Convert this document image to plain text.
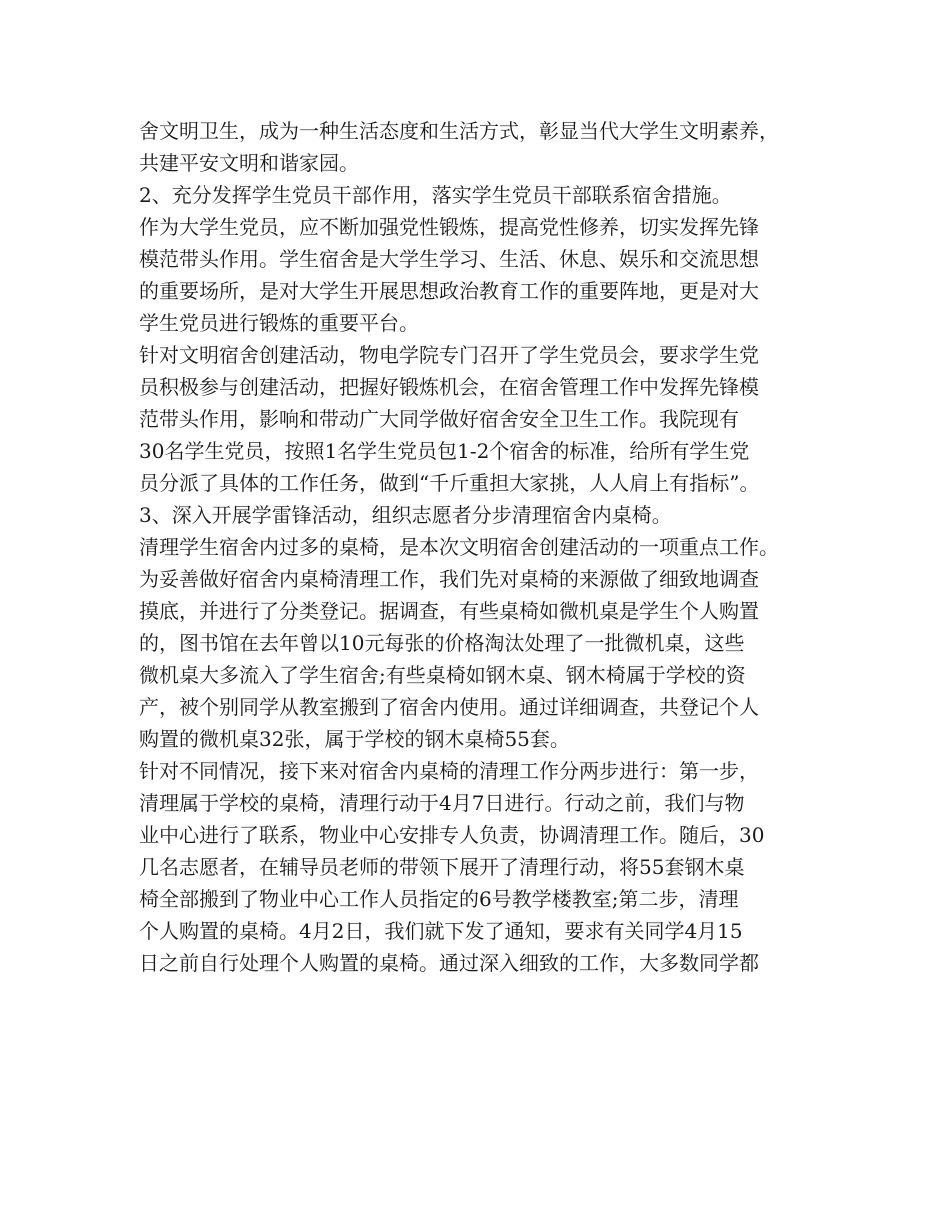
舍文明卫生，成为一种生活态度和生活方式，彰显当代大学生文明素养，
共建平安文明和谐家园。
2、充分发挥学生党员干部作用，落实学生党员干部联系宿舍措施。
作为大学生党员，应不断加强党性锻炼，提高党性修养，切实发挥先锋
模范带头作用。学生宿舍是大学生学习、生活、休息、娱乐和交流思想
的重要场所，是对大学生开展思想政治教育工作的重要阵地，更是对大
学生党员进行锻炼的重要平台。
针对文明宿舍创建活动，物电学院专门召开了学生党员会，要求学生党
员积极参与创建活动，把握好锻炼机会，在宿舍管理工作中发挥先锋模
范带头作用，影响和带动广大同学做好宿舍安全卫生工作。我院现有
30名学生党员，按照1名学生党员包1-2个宿舍的标准，给所有学生党
员分派了具体的工作任务，做到“千斤重担大家挑，人人肩上有指标”。
3、深入开展学雷锋活动，组织志愿者分步清理宿舍内桌椅。
清理学生宿舍内过多的桌椅，是本次文明宿舍创建活动的一项重点工作。
为妥善做好宿舍内桌椅清理工作，我们先对桌椅的来源做了细致地调查
摸底，并进行了分类登记。据调查，有些桌椅如微机桌是学生个人购置
的，图书馆在去年曾以10元每张的价格淘汰处理了一批微机桌，这些
微机桌大多流入了学生宿舍;有些桌椅如钢木桌、钢木椅属于学校的资
产，被个别同学从教室搬到了宿舍内使用。通过详细调查，共登记个人
购置的微机桌32张，属于学校的钢木桌椅55套。
针对不同情况，接下来对宿舍内桌椅的清理工作分两步进行：第一步，
清理属于学校的桌椅，清理行动于4月7日进行。行动之前，我们与物
业中心进行了联系，物业中心安排专人负责，协调清理工作。随后，30
几名志愿者，在辅导员老师的带领下展开了清理行动，将55套钢木桌
椅全部搬到了物业中心工作人员指定的6号教学楼教室;第二步，清理
个人购置的桌椅。4月2日，我们就下发了通知，要求有关同学4月15
日之前自行处理个人购置的桌椅。通过深入细致的工作，大多数同学都
